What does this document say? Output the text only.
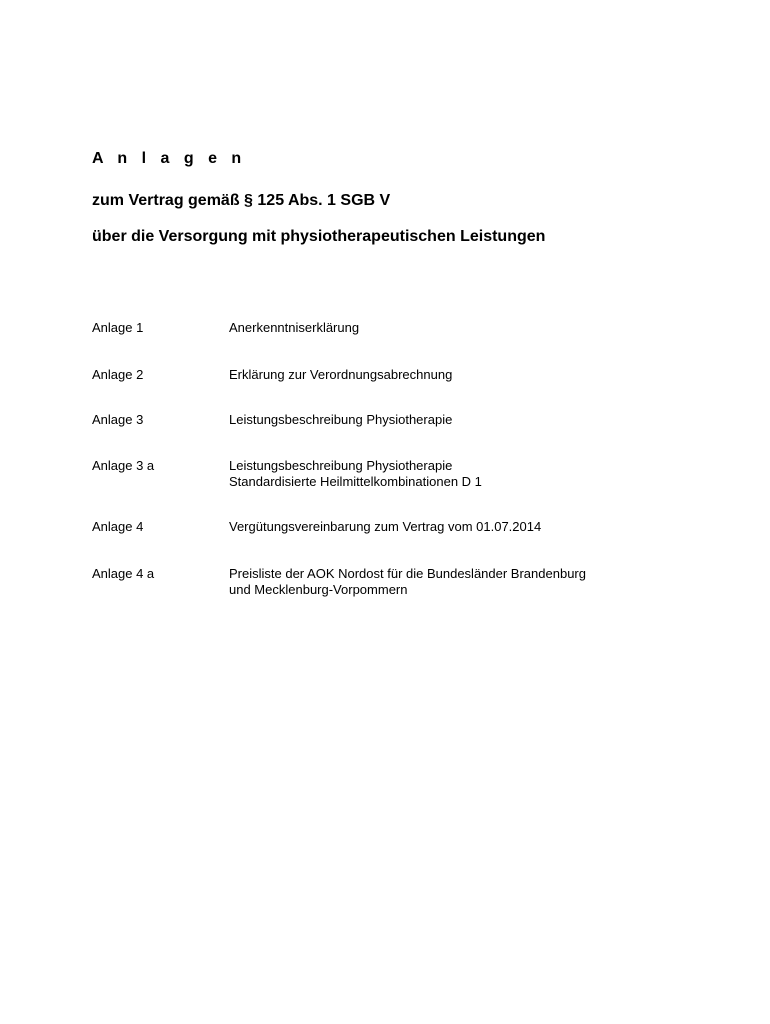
A n l a g e n
zum Vertrag gemäß § 125 Abs. 1 SGB V
über die Versorgung mit physiotherapeutischen Leistungen
Anlage 1	Anerkenntniserklärung
Anlage 2	Erklärung zur Verordnungsabrechnung
Anlage 3	Leistungsbeschreibung Physiotherapie
Anlage 3 a	Leistungsbeschreibung Physiotherapie
Standardisierte Heilmittelkombinationen D 1
Anlage 4	Vergütungsvereinbarung zum Vertrag vom 01.07.2014
Anlage 4 a	Preisliste der AOK Nordost für die Bundesländer Brandenburg
und Mecklenburg-Vorpommern
